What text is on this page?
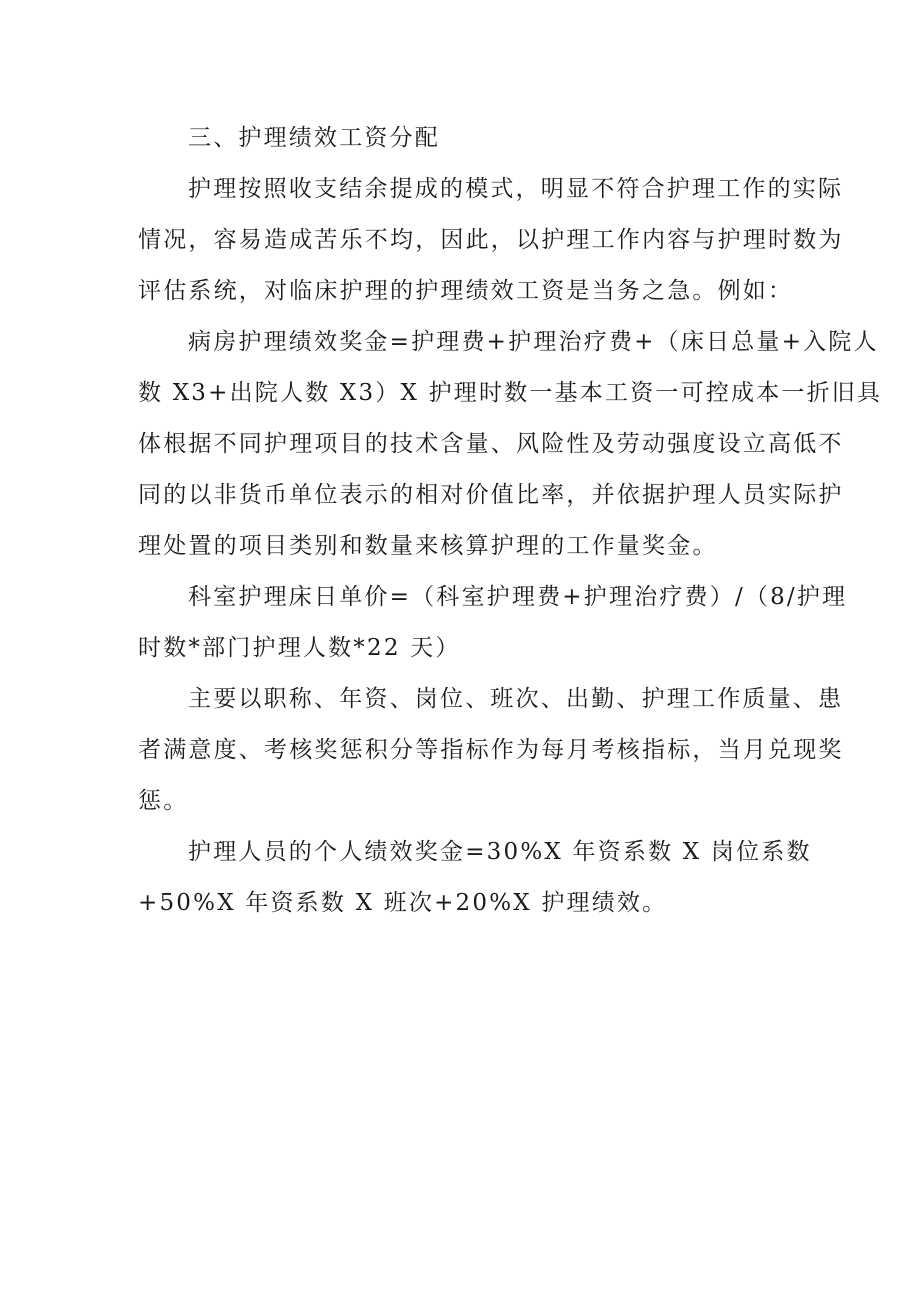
三、护理绩效工资分配
护理按照收支结余提成的模式，明显不符合护理工作的实际
情况，容易造成苦乐不均，因此，以护理工作内容与护理时数为
评估系统，对临床护理的护理绩效工资是当务之急。例如：
病房护理绩效奖金=护理费+护理治疗费+（床日总量+入院人
数 X3+出院人数 X3）X 护理时数一基本工资一可控成本一折旧具
体根据不同护理项目的技术含量、风险性及劳动强度设立高低不
同的以非货币单位表示的相对价值比率，并依据护理人员实际护
理处置的项目类别和数量来核算护理的工作量奖金。
科室护理床日单价=（科室护理费+护理治疗费）/（8/护理
时数*部门护理人数*22 天）
主要以职称、年资、岗位、班次、出勤、护理工作质量、患
者满意度、考核奖惩积分等指标作为每月考核指标，当月兑现奖
惩。
护理人员的个人绩效奖金=30%X 年资系数 X 岗位系数
+50%X 年资系数 X 班次+20%X 护理绩效。
